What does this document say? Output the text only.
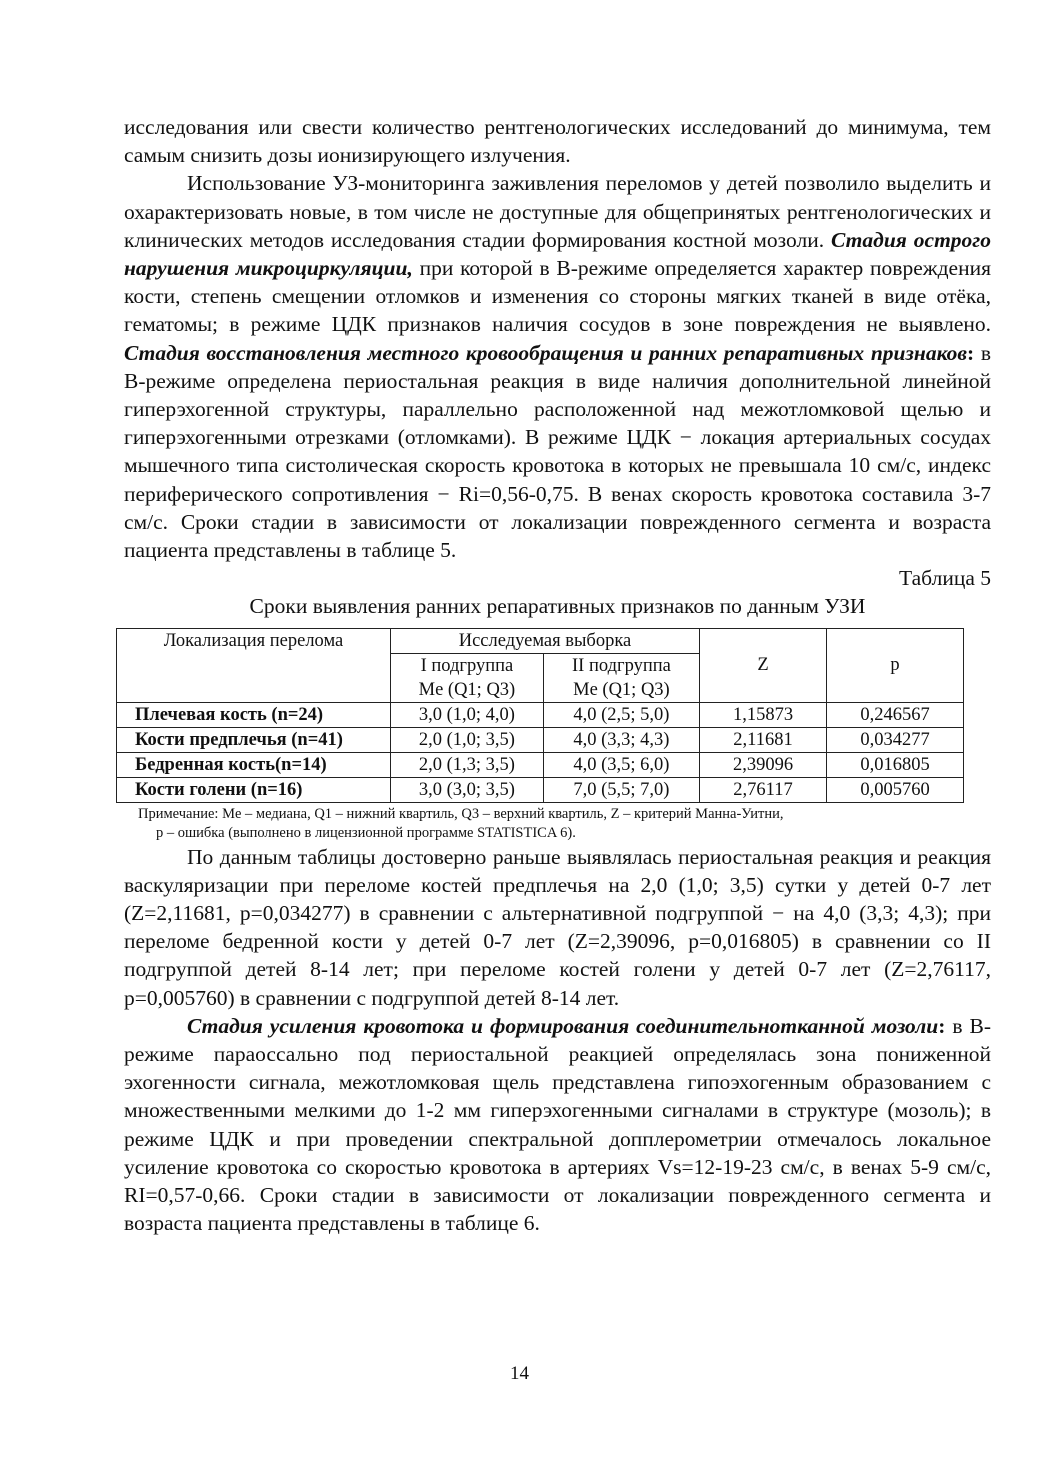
исследования или свести количество рентгенологических исследований до минимума, тем самым снизить дозы ионизирующего излучения.

Использование УЗ-мониторинга заживления переломов у детей позволило выделить и охарактеризовать новые, в том числе не доступные для общепринятых рентгенологических и клинических методов исследования стадии формирования костной мозоли. Стадия острого нарушения микроциркуляции, при которой в В-режиме определяется характер повреждения кости, степень смещении отломков и изменения со стороны мягких тканей в виде отёка, гематомы; в режиме ЦДК признаков наличия сосудов в зоне повреждения не выявлено. Стадия восстановления местного кровообращения и ранних репаративных признаков: в В-режиме определена периостальная реакция в виде наличия дополнительной линейной гиперэхогенной структуры, параллельно расположенной над межотломковой щелью и гиперэхогенными отрезками (отломками). В режиме ЦДК − локация артериальных сосудах мышечного типа систолическая скорость кровотока в которых не превышала 10 см/с, индекс периферического сопротивления − Ri=0,56-0,75. В венах скорость кровотока составила 3-7 см/с. Сроки стадии в зависимости от локализации поврежденного сегмента и возраста пациента представлены в таблице 5.

Таблица 5

Сроки выявления ранних репаративных признаков по данным УЗИ

Локализация перелома	Исследуемая выборка		Z	p
	I подгруппа	II подгруппа		
	Me (Q1; Q3)	Me (Q1; Q3)		
Плечевая кость (n=24)	3,0 (1,0; 4,0)	4,0 (2,5; 5,0)	1,15873	0,246567
Кости предплечья (n=41)	2,0 (1,0; 3,5)	4,0 (3,3; 4,3)	2,11681	0,034277
Бедренная кость(n=14)	2,0 (1,3; 3,5)	4,0 (3,5; 6,0)	2,39096	0,016805
Кости голени (n=16)	3,0 (3,0; 3,5)	7,0 (5,5; 7,0)	2,76117	0,005760
Примечание: Me – медиана, Q1 – нижний квартиль, Q3 – верхний квартиль, Z – критерий Манна-Уитни,
p – ошибка (выполнено в лицензионной программе STATISTICA 6).

По данным таблицы достоверно раньше выявлялась периостальная реакция и реакция васкуляризации при переломе костей предплечья на 2,0 (1,0; 3,5) сутки у детей 0-7 лет (Z=2,11681, p=0,034277) в сравнении с альтернативной подгруппой − на 4,0 (3,3; 4,3); при переломе бедренной кости у детей 0-7 лет (Z=2,39096, p=0,016805) в сравнении со II подгруппой детей 8-14 лет; при переломе костей голени у детей 0-7 лет (Z=2,76117, p=0,005760) в сравнении с подгруппой детей 8-14 лет.

Стадия усиления кровотока и формирования соединительнотканной мозоли: в В-режиме параоссально под периостальной реакцией определялась зона пониженной эхогенности сигнала, межотломковая щель представлена гипоэхогенным образованием с множественными мелкими до 1-2 мм гиперэхогенными сигналами в структуре (мозоль); в режиме ЦДК и при проведении спектральной допплерометрии отмечалось локальное усиление кровотока со скоростью кровотока в артериях Vs=12-19-23 см/с, в венах 5-9 см/с, RI=0,57-0,66. Сроки стадии в зависимости от локализации поврежденного сегмента и возраста пациента представлены в таблице 6.

14
